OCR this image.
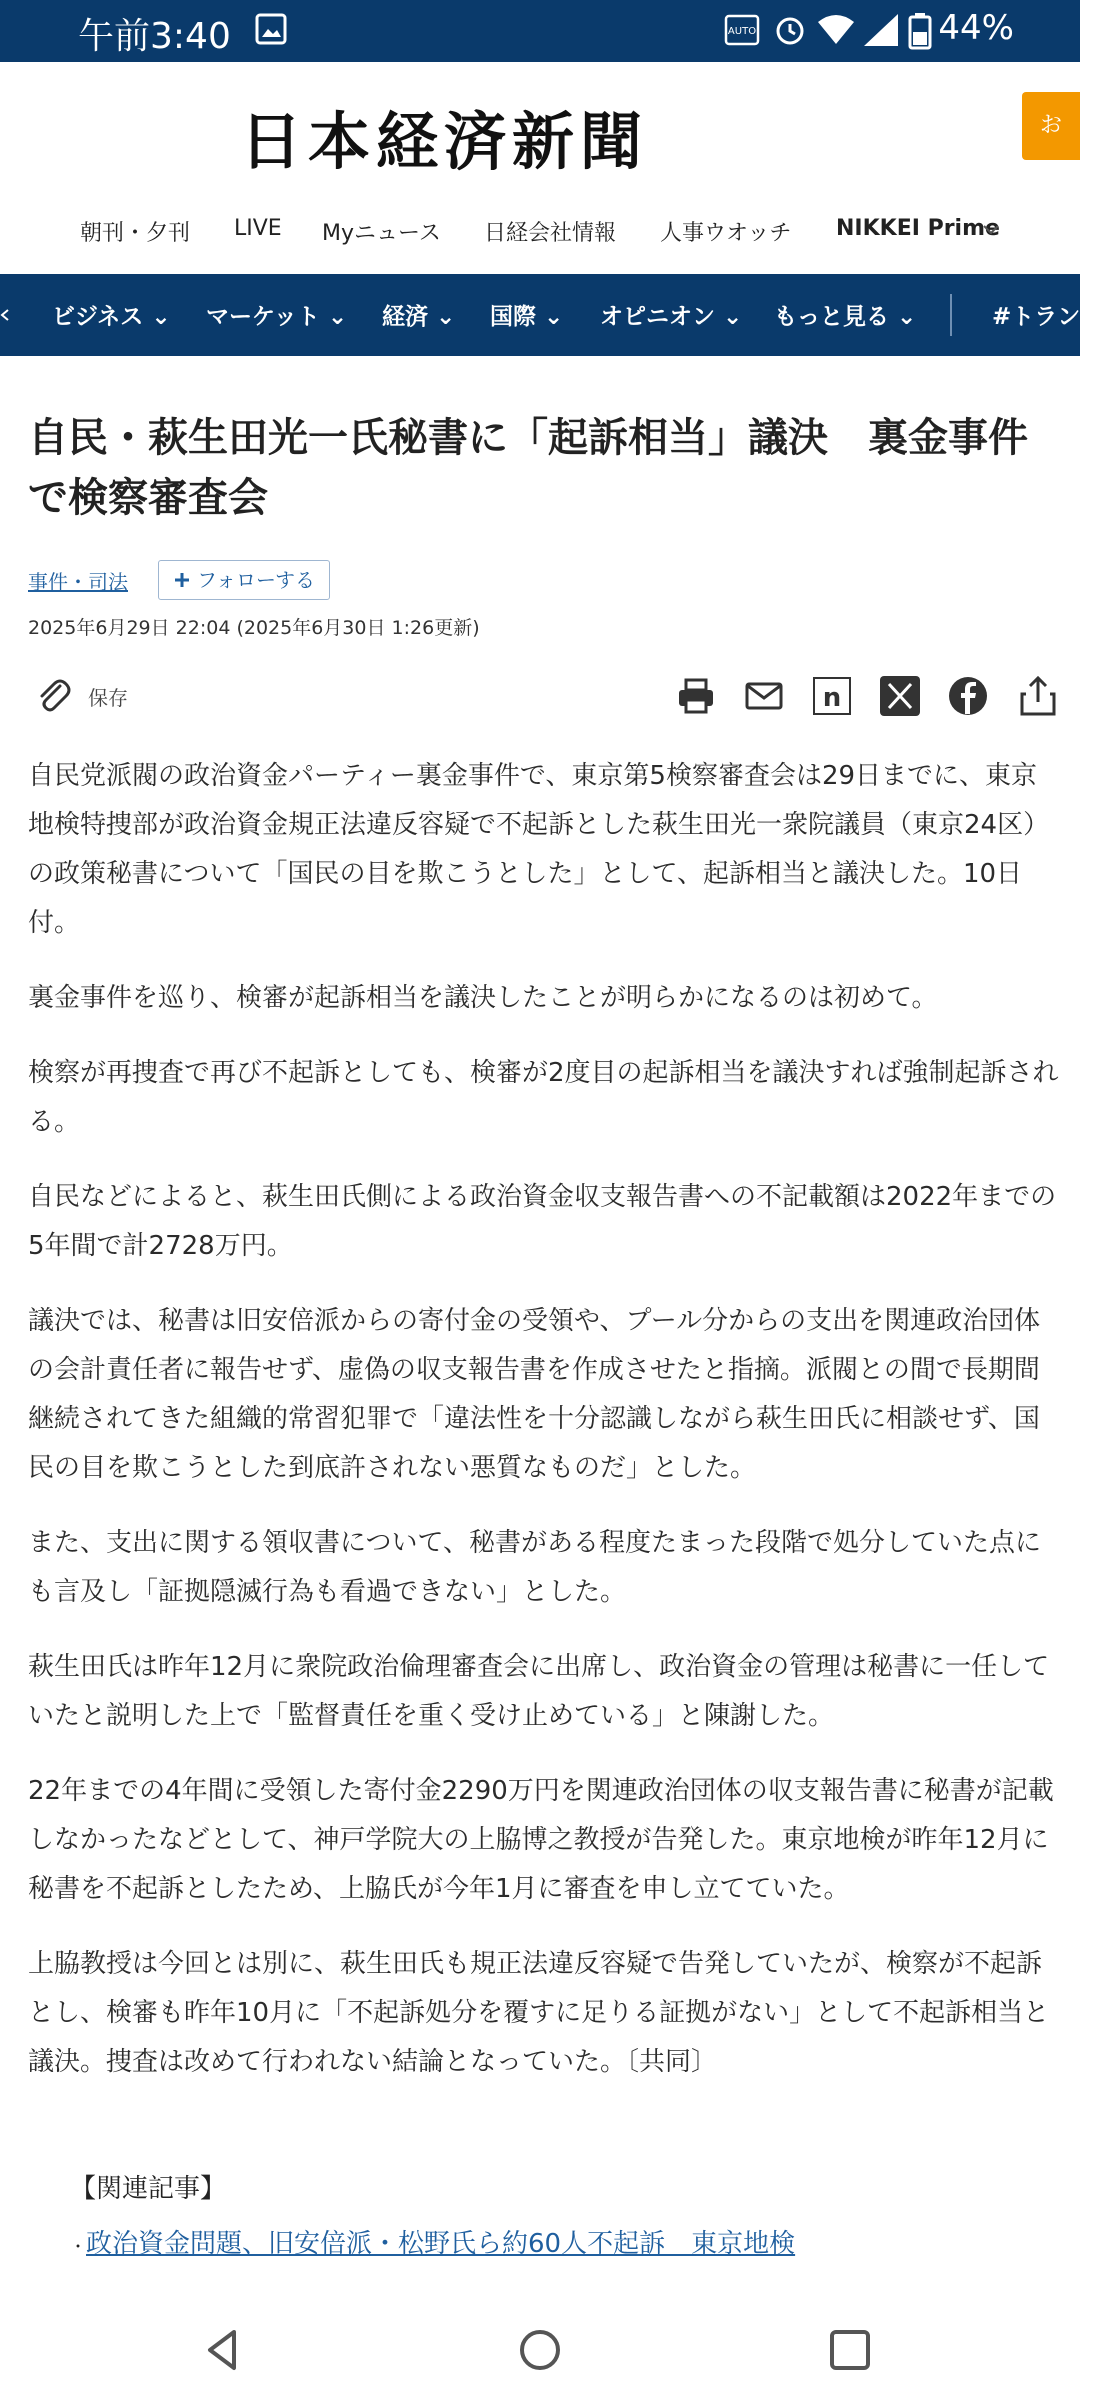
午前3:40	AUTO	44%
日本経済新聞	お
朝刊・夕刊 LIVE Myニュース 日経会社情報 人事ウオッチ NIKKEI Prime
ビジネス ⌄ マーケット ⌄ 経済 ⌄ 国際 ⌄ オピニオン ⌄ もっと見る ⌄	#トランプ
自民・萩生田光一氏秘書に「起訴相当」議決　裏金事件で検察審査会
事件・司法	フォローする
2025年6月29日 22:04 (2025年6月30日 1:26更新)
保存	n

自民党派閥の政治資金パーティー裏金事件で、東京第5検察審査会は29日までに、東京地検特捜部が政治資金規正法違反容疑で不起訴とした萩生田光一衆院議員（東京24区）の政策秘書について「国民の目を欺こうとした」として、起訴相当と議決した。10日付。

裏金事件を巡り、検審が起訴相当を議決したことが明らかになるのは初めて。

検察が再捜査で再び不起訴としても、検審が2度目の起訴相当を議決すれば強制起訴される。

自民などによると、萩生田氏側による政治資金収支報告書への不記載額は2022年までの5年間で計2728万円。

議決では、秘書は旧安倍派からの寄付金の受領や、プール分からの支出を関連政治団体の会計責任者に報告せず、虚偽の収支報告書を作成させたと指摘。派閥との間で長期間継続されてきた組織的常習犯罪で「違法性を十分認識しながら萩生田氏に相談せず、国民の目を欺こうとした到底許されない悪質なものだ」とした。

また、支出に関する領収書について、秘書がある程度たまった段階で処分していた点にも言及し「証拠隠滅行為も看過できない」とした。

萩生田氏は昨年12月に衆院政治倫理審査会に出席し、政治資金の管理は秘書に一任していたと説明した上で「監督責任を重く受け止めている」と陳謝した。

22年までの4年間に受領した寄付金2290万円を関連政治団体の収支報告書に秘書が記載しなかったなどとして、神戸学院大の上脇博之教授が告発した。東京地検が昨年12月に秘書を不起訴としたため、上脇氏が今年1月に審査を申し立てていた。

上脇教授は今回とは別に、萩生田氏も規正法違反容疑で告発していたが、検察が不起訴とし、検審も昨年10月に「不起訴処分を覆すに足りる証拠がない」として不起訴相当と議決。捜査は改めて行われない結論となっていた。〔共同〕

【関連記事】
・政治資金問題、旧安倍派・松野氏ら約60人不起訴　東京地検
